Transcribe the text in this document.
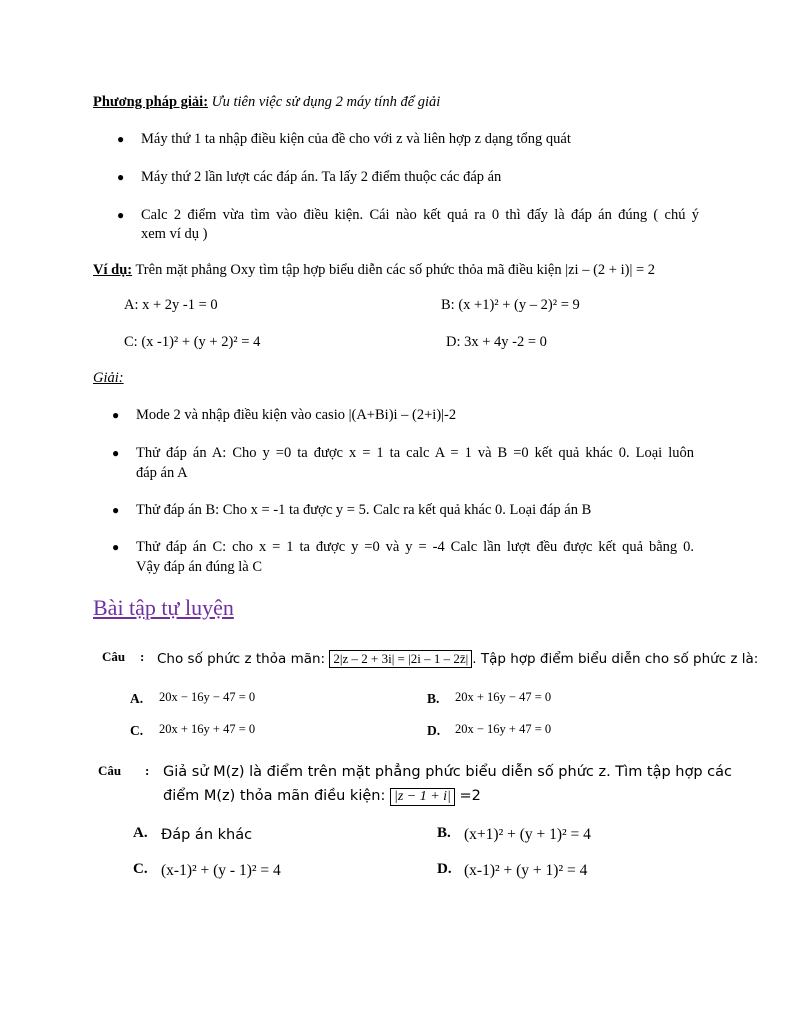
Phương pháp giải: Ưu tiên việc sử dụng 2 máy tính để giải
● Máy thứ 1 ta nhập điều kiện của đề cho với z và liên hợp z dạng tổng quát
● Máy thứ 2 lần lượt các đáp án. Ta lấy 2 điểm thuộc các đáp án
● Calc 2 điểm vừa tìm vào điều kiện. Cái nào kết quả ra 0 thì đấy là đáp án đúng ( chú ý
xem ví dụ )
Ví dụ: Trên mặt phẳng Oxy tìm tập hợp biểu diễn các số phức thỏa mã điều kiện |zi – (2 + i)| = 2
A: x + 2y -1 = 0	B: (x +1)² + (y – 2)² = 9
C: (x -1)² + (y + 2)² = 4	D: 3x + 4y -2 = 0
Giải:
● Mode 2 và nhập điều kiện vào casio |(A+Bi)i – (2+i)|-2
● Thử đáp án A: Cho y =0 ta được x = 1 ta calc A = 1 và B =0 kết quả khác 0. Loại luôn
đáp án A
● Thử đáp án B: Cho x = -1 ta được y = 5. Calc ra kết quả khác 0. Loại đáp án B
● Thử đáp án C: cho x = 1 ta được y =0 và y = -4 Calc lần lượt đều được kết quả bằng 0.
Vậy đáp án đúng là C
Bài tập tự luyện
Câu : Cho số phức z thỏa mãn: 2|z – 2 + 3i| = |2i – 1 – 2z̄| . Tập hợp điểm biểu diễn cho số phức z là:
A. 20x − 16y − 47 = 0	B. 20x + 16y − 47 = 0
C. 20x + 16y + 47 = 0	D. 20x − 16y + 47 = 0
Câu : Giả sử M(z) là điểm trên mặt phẳng phức biểu diễn số phức z. Tìm tập hợp các
điểm M(z) thỏa mãn điều kiện: |z − 1 + i| =2
A. Đáp án khác	B. (x+1)² + (y + 1)² = 4
C. (x-1)² + (y - 1)² = 4	D. (x-1)² + (y + 1)² = 4
